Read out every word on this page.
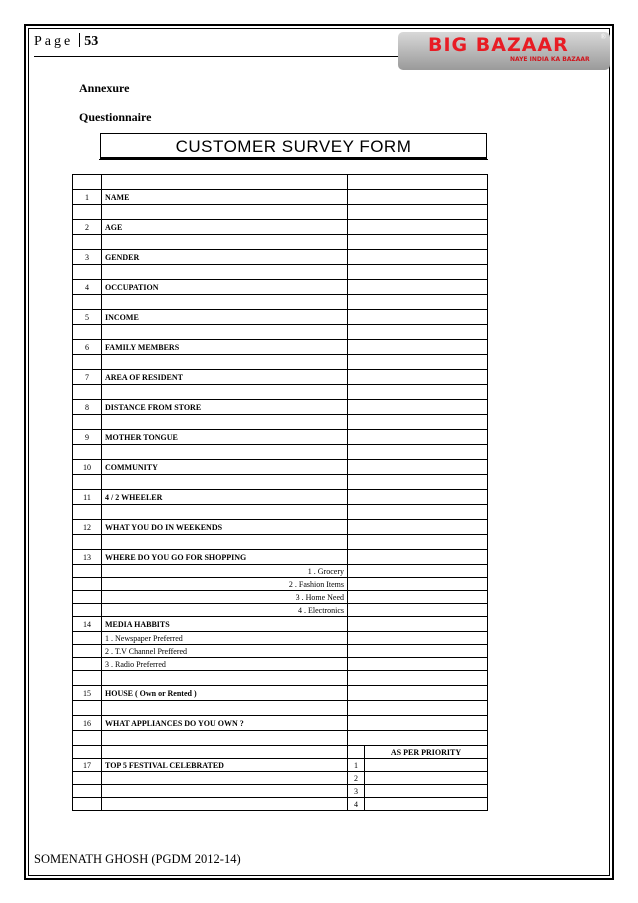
Page 53	BIG BAZAAR
NAYE INDIA KA BAZAAR
®
Annexure
Questionnaire
CUSTOMER SURVEY FORM

1	NAME		

2	AGE		

3	GENDER		

4	OCCUPATION		

5	INCOME		

6	FAMILY MEMBERS		

7	AREA OF RESIDENT		

8	DISTANCE FROM STORE		

9	MOTHER TONGUE		

10	COMMUNITY		

11	4 / 2 WHEELER		

12	WHAT YOU DO IN WEEKENDS		

13	WHERE DO YOU GO FOR SHOPPING		
	1 . Grocery		
	2 . Fashion Items		
	3 . Home Need		
	4 . Electronics		
14	MEDIA HABBITS		
	1 . Newspaper Preferred		
	2 . T.V Channel Preffered		
	3 . Radio Preferred		

15	HOUSE ( Own or Rented )		

16	WHAT APPLIANCES DO YOU OWN ?		

			AS PER PRIORITY
17	TOP 5 FESTIVAL CELEBRATED	1	
		2	
		3	
		4	
SOMENATH GHOSH (PGDM 2012-14)
